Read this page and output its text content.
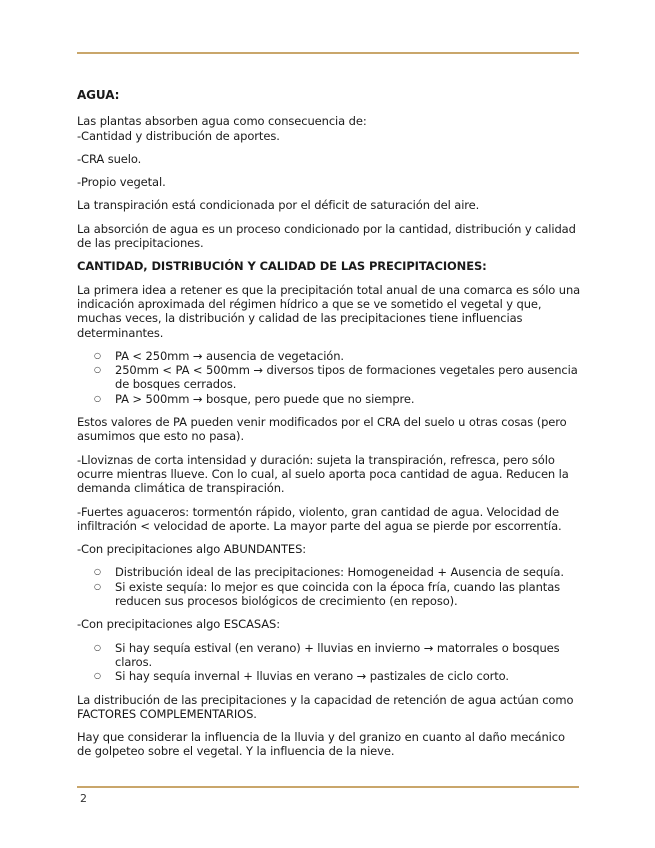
AGUA:

Las plantas absorben agua como consecuencia de:

-Cantidad y distribución de aportes.

-CRA suelo.

-Propio vegetal.

La transpiración está condicionada por el déficit de saturación del aire.

La absorción de agua es un proceso condicionado por la cantidad, distribución y calidad de las precipitaciones.

CANTIDAD, DISTRIBUCIÓN Y CALIDAD DE LAS PRECIPITACIONES:

La primera idea a retener es que la precipitación total anual de una comarca es sólo una indicación aproximada del régimen hídrico a que se ve sometido el vegetal y que, muchas veces, la distribución y calidad de las precipitaciones tiene influencias determinantes.

○ PA < 250mm → ausencia de vegetación.
○ 250mm < PA < 500mm → diversos tipos de formaciones vegetales pero ausencia de bosques cerrados.
○ PA > 500mm → bosque, pero puede que no siempre.

Estos valores de PA pueden venir modificados por el CRA del suelo u otras cosas (pero asumimos que esto no pasa).

-Lloviznas de corta intensidad y duración: sujeta la transpiración, refresca, pero sólo ocurre mientras llueve. Con lo cual, al suelo aporta poca cantidad de agua. Reducen la demanda climática de transpiración.

-Fuertes aguaceros: tormentón rápido, violento, gran cantidad de agua. Velocidad de infiltración < velocidad de aporte. La mayor parte del agua se pierde por escorrentía.

-Con precipitaciones algo ABUNDANTES:

○ Distribución ideal de las precipitaciones: Homogeneidad + Ausencia de sequía.
○ Si existe sequía: lo mejor es que coincida con la época fría, cuando las plantas reducen sus procesos biológicos de crecimiento (en reposo).

-Con precipitaciones algo ESCASAS:

○ Si hay sequía estival (en verano) + lluvias en invierno → matorrales o bosques claros.
○ Si hay sequía invernal + lluvias en verano → pastizales de ciclo corto.

La distribución de las precipitaciones y la capacidad de retención de agua actúan como FACTORES COMPLEMENTARIOS.

Hay que considerar la influencia de la lluvia y del granizo en cuanto al daño mecánico de golpeteo sobre el vegetal. Y la influencia de la nieve.

2
